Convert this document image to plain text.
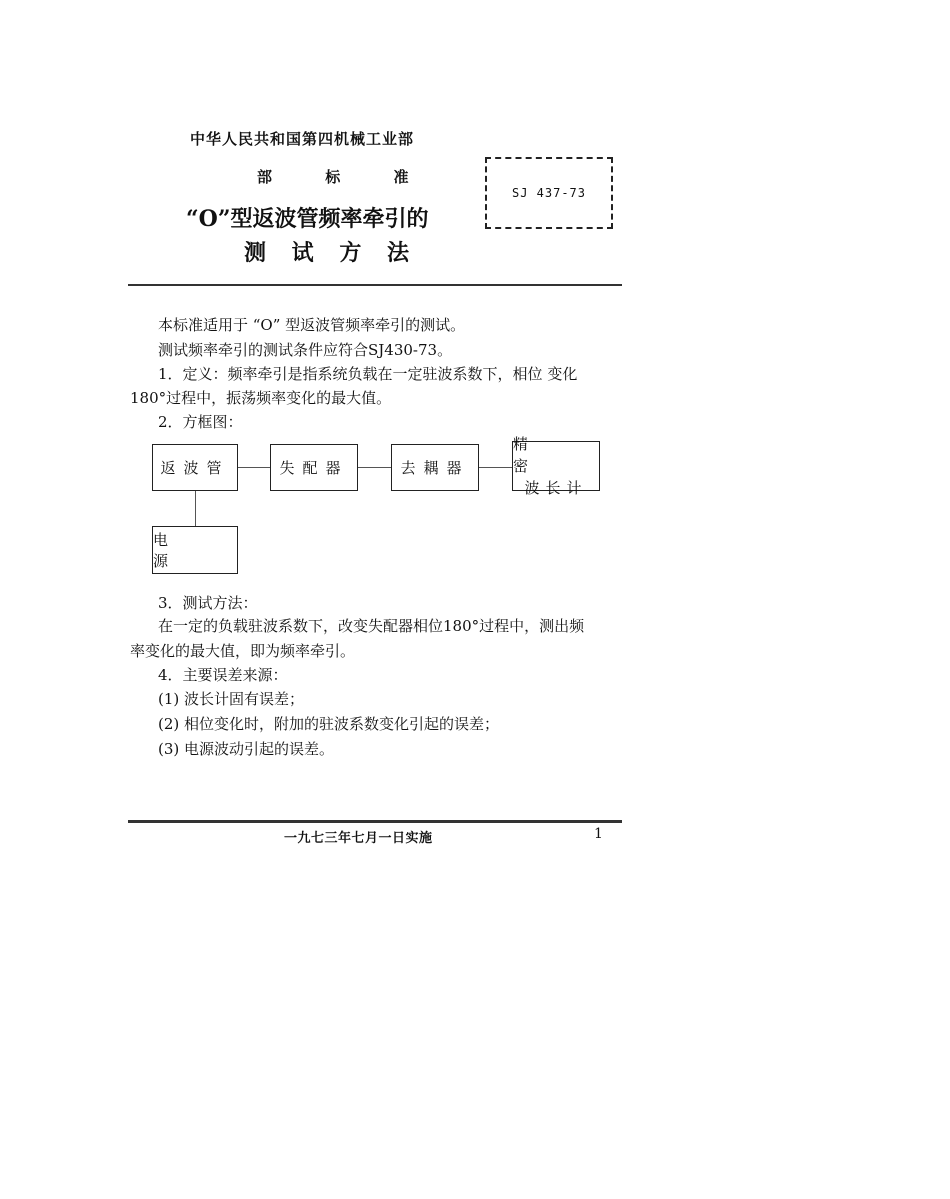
中华人民共和国第四机械工业部
部 标 准
“O”型返波管频率牵引的
测 试 方 法
SJ 437-73
本标准适用于 “O” 型返波管频率牵引的测试。
测试频率牵引的测试条件应符合SJ430-73。
1．定义：频率牵引是指系统负载在一定驻波系数下，相位 变化
180°过程中，振荡频率变化的最大值。
2．方框图：
返波管	失配器	去耦器
精 密
波长计
电 源
3．测试方法：
在一定的负载驻波系数下，改变失配器相位180°过程中，测出频
率变化的最大值，即为频率牵引。
4．主要误差来源：
(1) 波长计固有误差；
(2) 相位变化时，附加的驻波系数变化引起的误差；
(3) 电源波动引起的误差。
一九七三年七月一日实施	1
